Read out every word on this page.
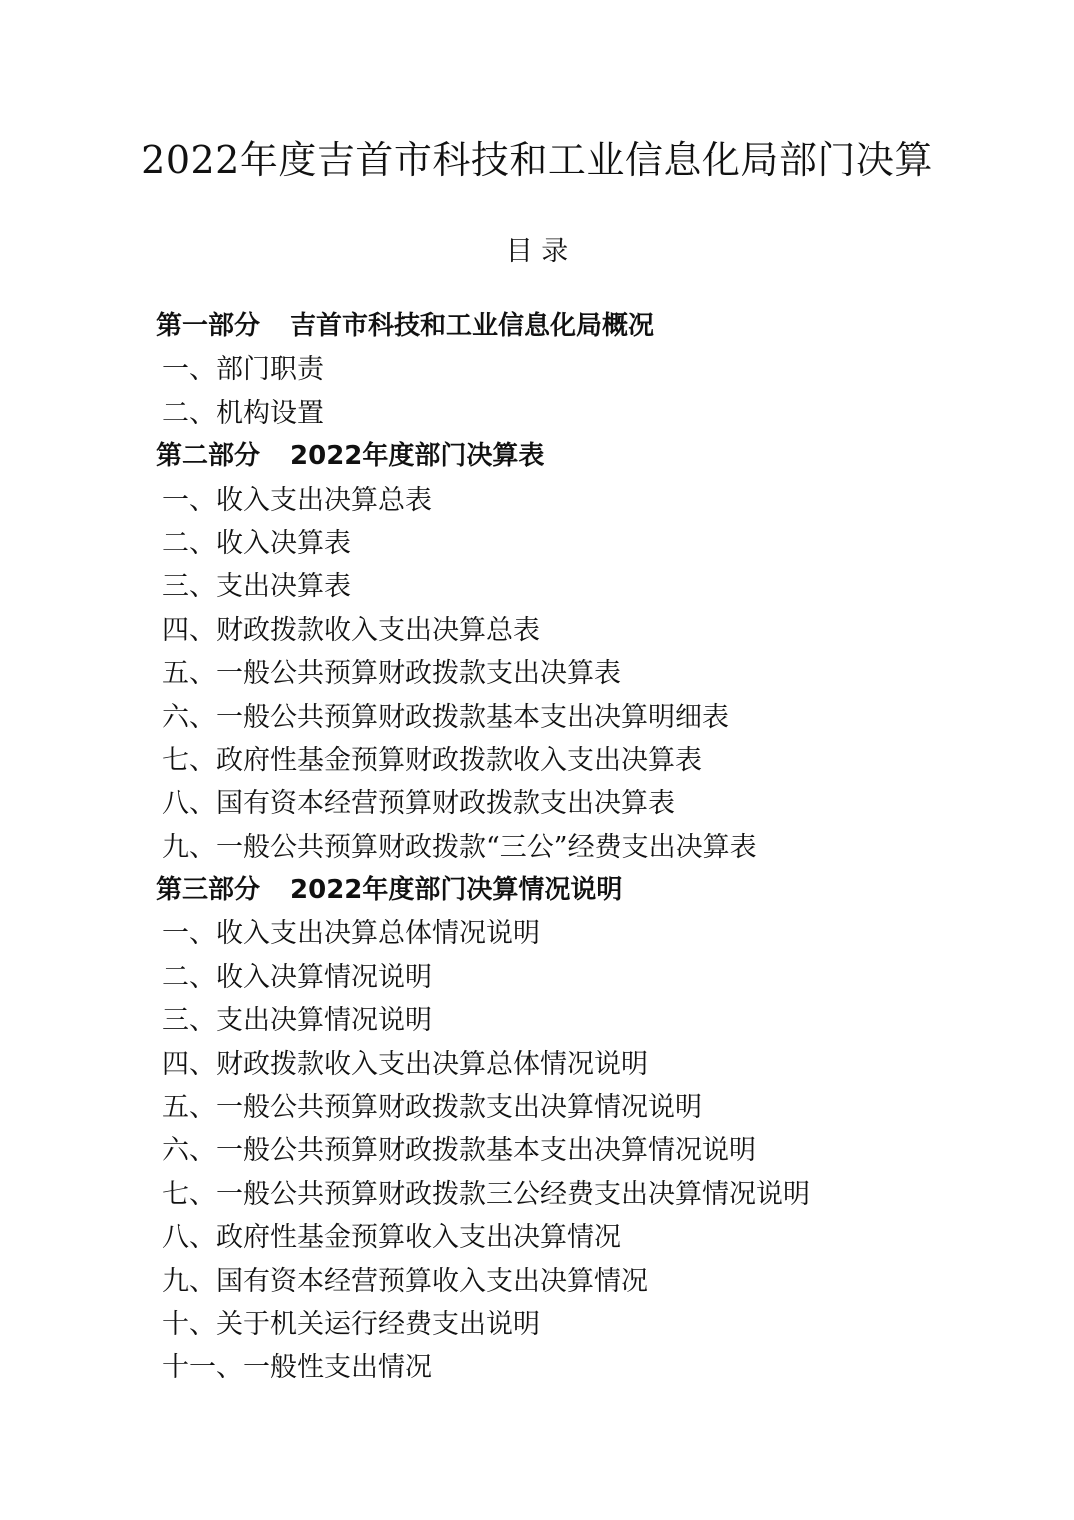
2022年度吉首市科技和工业信息化局部门决算
目 录
第一部分 吉首市科技和工业信息化局概况
一、部门职责
二、机构设置
第二部分 2022年度部门决算表
一、收入支出决算总表
二、收入决算表
三、支出决算表
四、财政拨款收入支出决算总表
五、一般公共预算财政拨款支出决算表
六、一般公共预算财政拨款基本支出决算明细表
七、政府性基金预算财政拨款收入支出决算表
八、国有资本经营预算财政拨款支出决算表
九、一般公共预算财政拨款“三公”经费支出决算表
第三部分 2022年度部门决算情况说明
一、收入支出决算总体情况说明
二、收入决算情况说明
三、支出决算情况说明
四、财政拨款收入支出决算总体情况说明
五、一般公共预算财政拨款支出决算情况说明
六、一般公共预算财政拨款基本支出决算情况说明
七、一般公共预算财政拨款三公经费支出决算情况说明
八、政府性基金预算收入支出决算情况
九、国有资本经营预算收入支出决算情况
十、关于机关运行经费支出说明
十一、一般性支出情况
